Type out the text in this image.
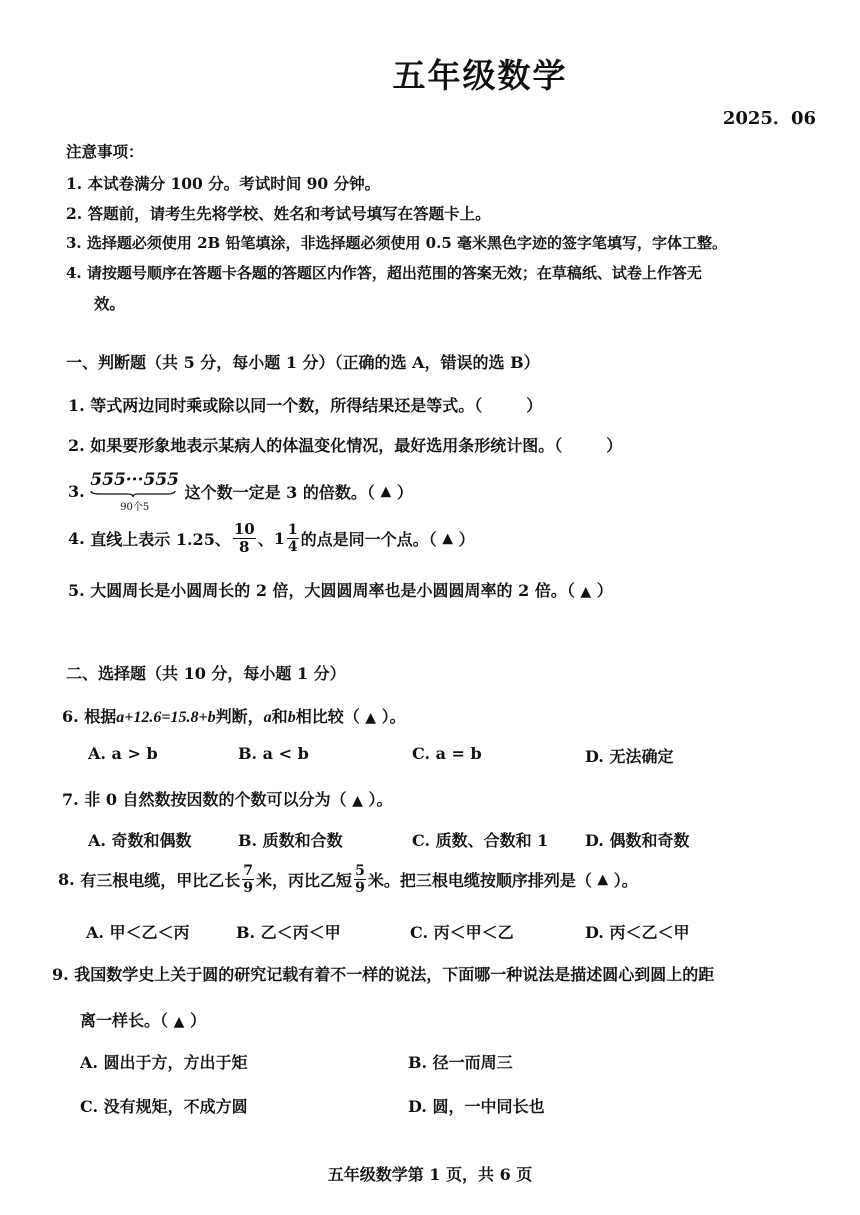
五年级数学
2025．06
注意事项：
1. 本试卷满分 100 分。考试时间 90 分钟。
2. 答题前，请考生先将学校、姓名和考试号填写在答题卡上。
3. 选择题必须使用 2B 铅笔填涂，非选择题必须使用 0.5 毫米黑色字迹的签字笔填写，字体工整。
4. 请按题号顺序在答题卡各题的答题区内作答，超出范围的答案无效；在草稿纸、试卷上作答无
效。
一、判断题（共 5 分，每小题 1 分）（正确的选 A，错误的选 B）
1. 等式两边同时乘或除以同一个数，所得结果还是等式。（	）
2. 如果要形象地表示某病人的体温变化情况，最好选用条形统计图。（	）
3.
555···555
90个5
这个数一定是 3 的倍数。（ ▲ ）
4. 直线上表示 1.25、 $\frac{10}{8}$ 、$1 \frac{1}{4}$ 的点是同一个点。（ ▲ ）
5. 大圆周长是小圆周长的 2 倍，大圆圆周率也是小圆圆周率的 2 倍。（ ▲ ）
二、选择题（共 10 分，每小题 1 分）
6. 根据a+12.6=15.8+b判断，a和b相比较（ ▲ ）。
A. a > b	B. a < b	C. a = b	D. 无法确定
7. 非 0 自然数按因数的个数可以分为（ ▲ ）。
A. 奇数和偶数	B. 质数和合数	C. 质数、合数和 1 D. 偶数和奇数
8. 有三根电缆，甲比乙长 $\frac{7}{9}$ 米，丙比乙短 $\frac{5}{9}$ 米。把三根电缆按顺序排列是（ ▲ ）。
A. 甲＜乙＜丙	B. 乙＜丙＜甲	C. 丙＜甲＜乙	D. 丙＜乙＜甲
9. 我国数学史上关于圆的研究记载有着不一样的说法，下面哪一种说法是描述圆心到圆上的距
离一样长。（ ▲ ）
A. 圆出于方，方出于矩	B. 径一而周三
C. 没有规矩，不成方圆	D. 圆，一中同长也
五年级数学第 1 页，共 6 页
